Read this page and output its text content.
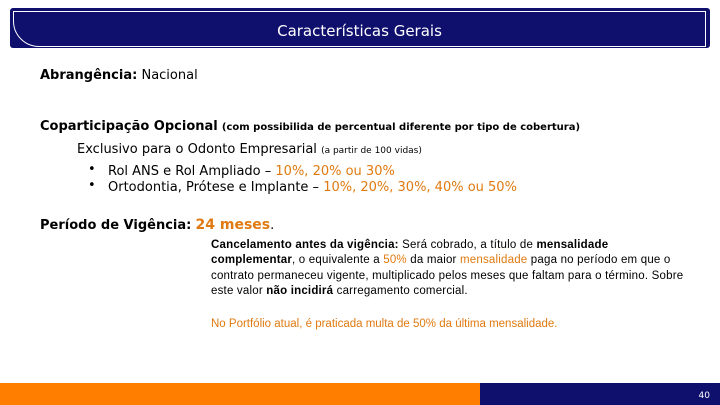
Características Gerais
Abrangência: Nacional
Coparticipação Opcional (com possibilida de percentual diferente por tipo de cobertura)
Exclusivo para o Odonto Empresarial (a partir de 100 vidas)
• Rol ANS e Rol Ampliado – 10%, 20% ou 30%
• Ortodontia, Prótese e Implante – 10%, 20%, 30%, 40% ou 50%
Período de Vigência: 24 meses.
Cancelamento antes da vigência: Será cobrado, a título de mensalidade complementar, o equivalente a 50% da maior mensalidade paga no período em que o contrato permaneceu vigente, multiplicado pelos meses que faltam para o término. Sobre este valor não incidirá carregamento comercial.
No Portfólio atual, é praticada multa de 50% da última mensalidade.
40
